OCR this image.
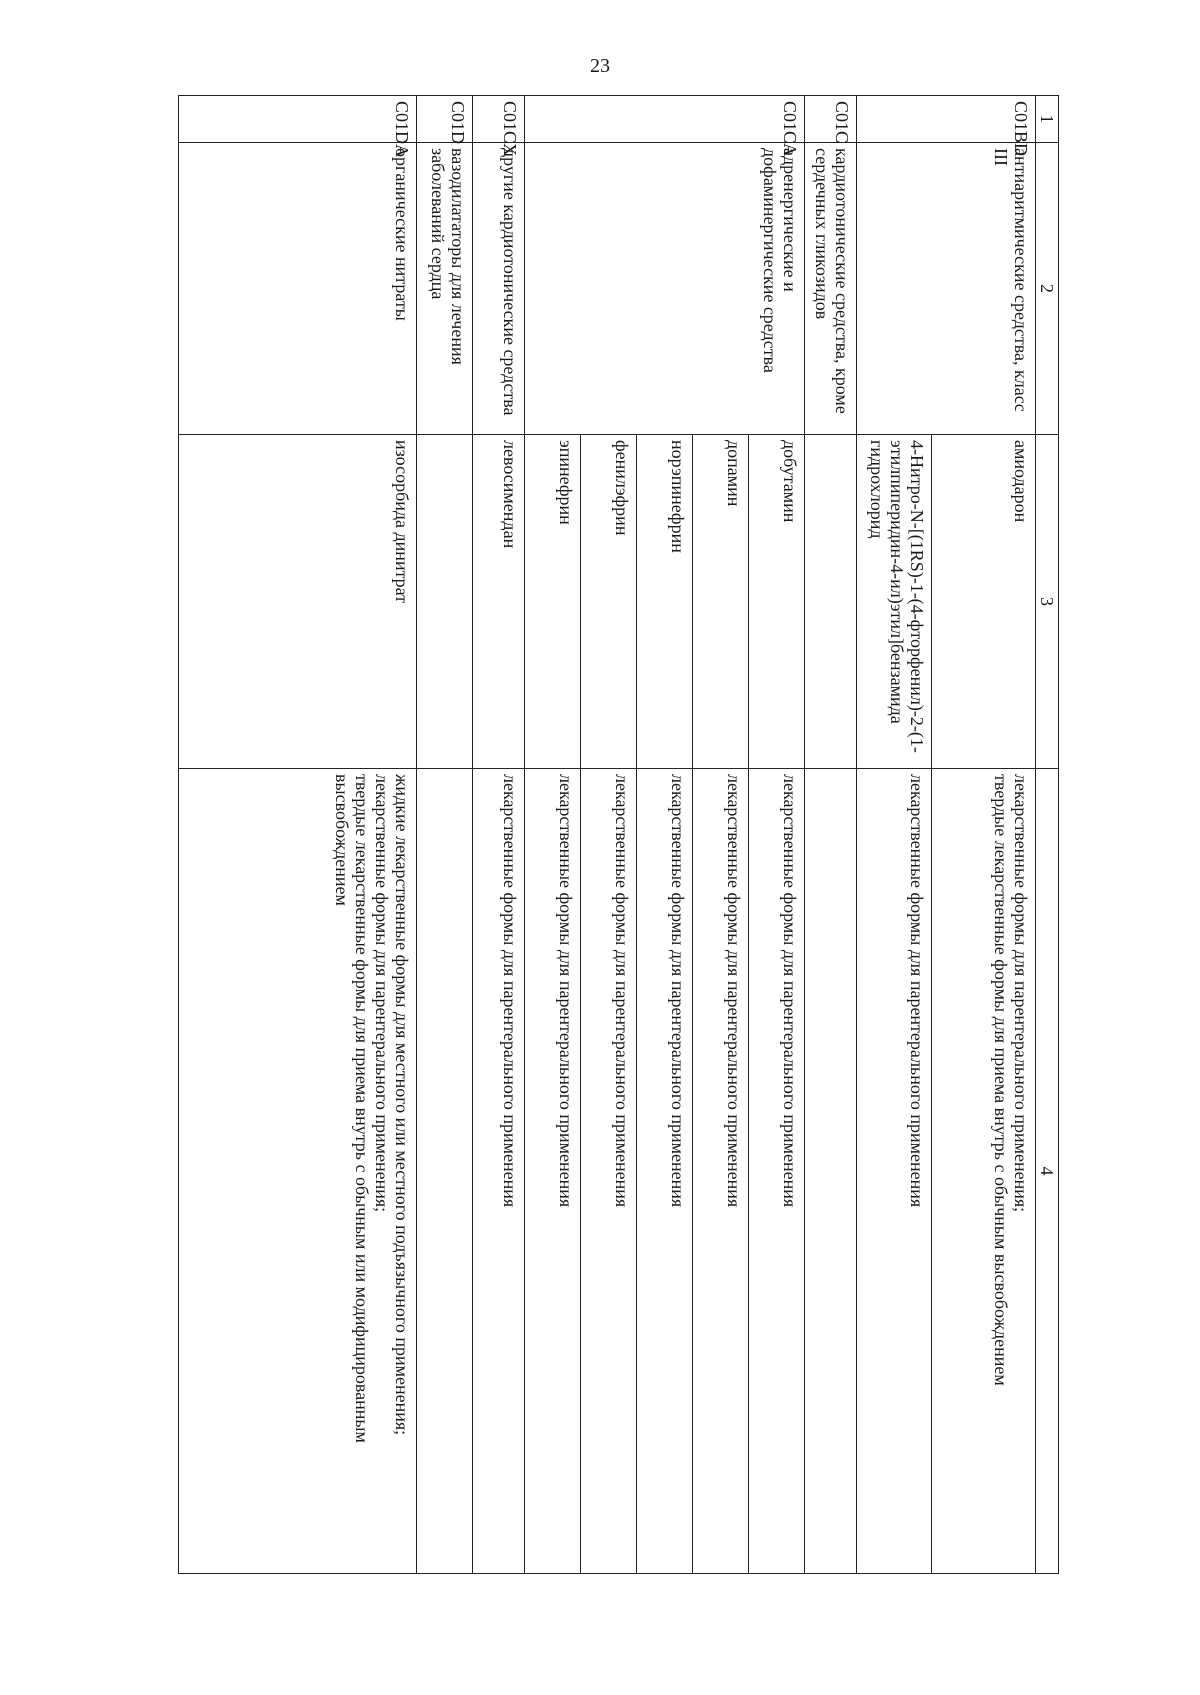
23
1	2	3	4
C01BD	антиаритмические средства, класс III	амиодарон	лекарственные формы для парентерального применения;
твердые лекарственные формы для приема внутрь с обычным высвобождением

		4-Нитро-N-[(1RS)-1-(4-фторфенил)-2-(1-этилпиперидин-4-ил)этил]бензамида гидрохлорид	лекарственные формы для парентерального применения
C01C	кардиотонические средства, кроме сердечных гликозидов		
C01CA	адренергические и дофаминергические средства	добутамин	лекарственные формы для парентерального применения
		допамин	лекарственные формы для парентерального применения
		норэпинефрин	лекарственные формы для парентерального применения
		фенилэфрин	лекарственные формы для парентерального применения
		эпинефрин	лекарственные формы для парентерального применения
C01CX	другие кардиотонические средства	левосимендан	лекарственные формы для парентерального применения
C01D	вазодилататоры для лечения заболеваний сердца		
C01DA	органические нитраты	изосорбида динитрат	жидкие лекарственные формы для местного или местного подъязычного применения;
лекарственные формы для парентерального применения;
твердые лекарственные формы для приема внутрь с обычным или модифицированным высвобождением
